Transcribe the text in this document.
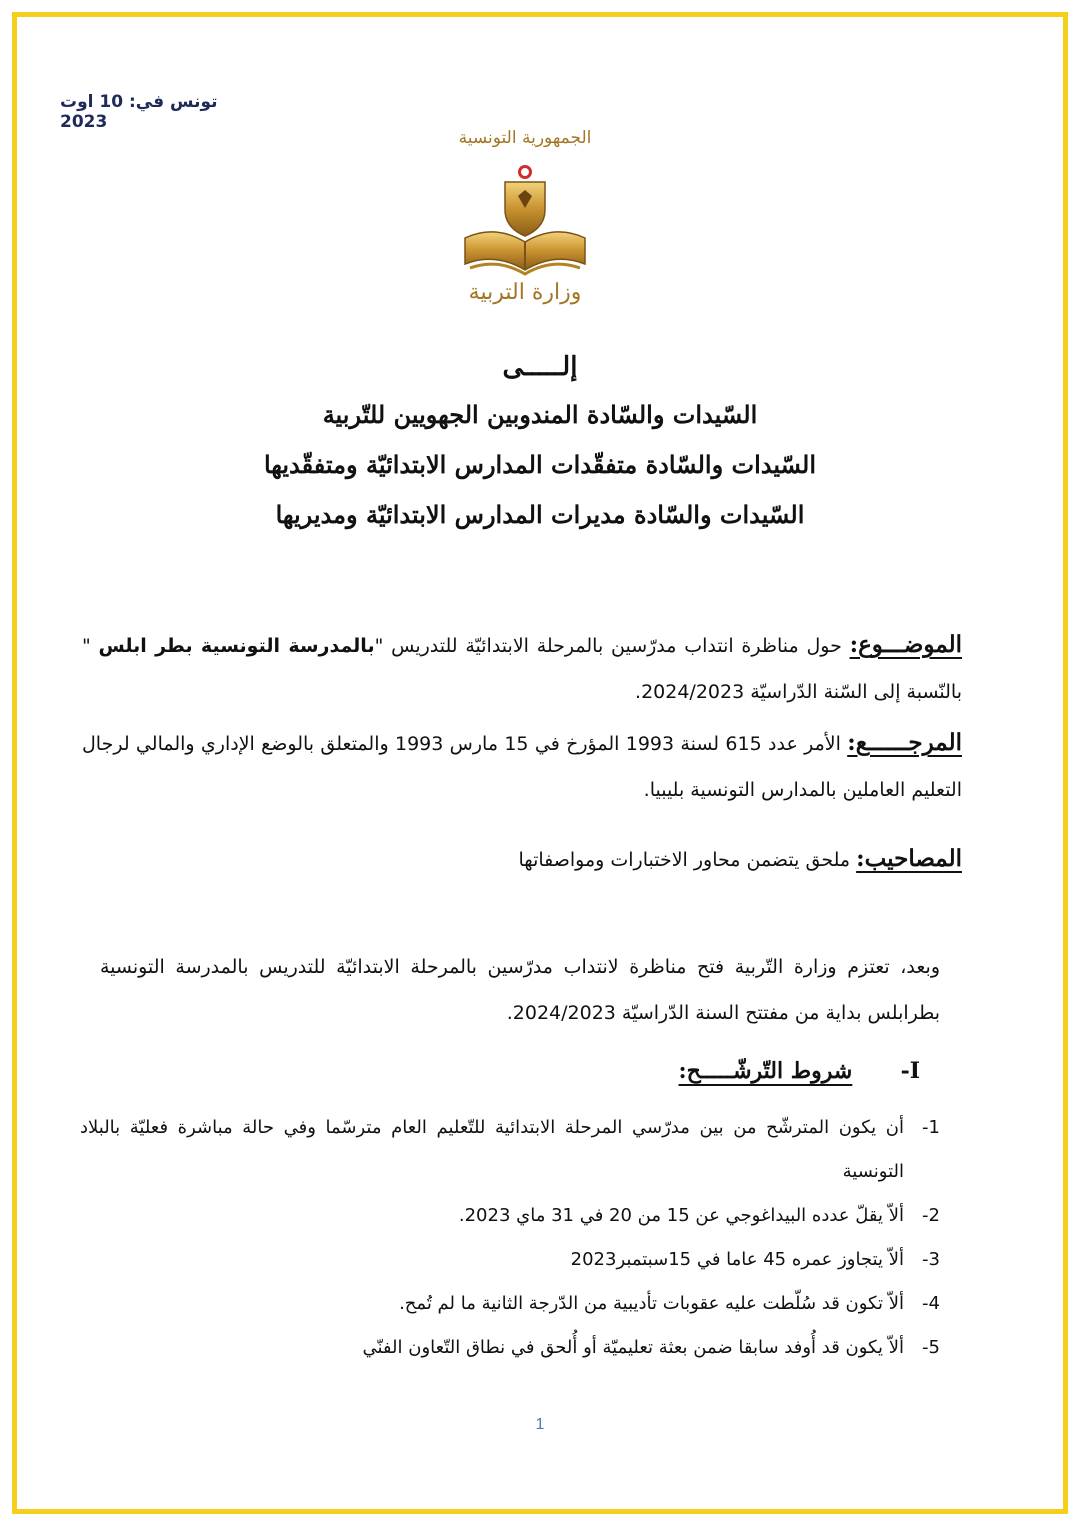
تونس في: 10 اوت 2023
الجمهورية التونسية
وزارة التربية
إلـــــى
السّيدات والسّادة المندوبين الجهويين للتّربية
السّيدات والسّادة متفقّدات المدارس الابتدائيّة ومتفقّديها
السّيدات والسّادة مديرات المدارس الابتدائيّة ومديريها
الموضـــوع: حول مناظرة انتداب مدرّسين بالمرحلة الابتدائيّة للتدريس "بالمدرسة التونسية بطر ابلس " بالنّسبة إلى السّنة الدّراسيّة 2024/2023.
المرجــــــع: الأمر عدد 615 لسنة 1993 المؤرخ في 15 مارس 1993 والمتعلق بالوضع الإداري والمالي لرجال التعليم العاملين بالمدارس التونسية بليبيا.
المصاحيب: ملحق يتضمن محاور الاختبارات ومواصفاتها
وبعد، تعتزم وزارة التّربية فتح مناظرة لانتداب مدرّسين بالمرحلة الابتدائيّة للتدريس بالمدرسة التونسية بطرابلس بداية من مفتتح السنة الدّراسيّة 2024/2023.
I- شروط التّرشّـــــح:
1-
أن يكون المترشّح من بين مدرّسي المرحلة الابتدائية للتّعليم العام مترسّما وفي حالة مباشرة فعليّة بالبلاد التونسية
2-
ألاّ يقلّ عدده البيداغوجي عن 15 من 20 في 31 ماي 2023.
3-
ألاّ يتجاوز عمره 45 عاما في 15سبتمبر2023
4-
ألاّ تكون قد سُلّطت عليه عقوبات تأديبية من الدّرجة الثانية ما لم تُمح.
5-
ألاّ يكون قد أُوفد سابقا ضمن بعثة تعليميّة أو أُلحق في نطاق التّعاون الفنّي
1
